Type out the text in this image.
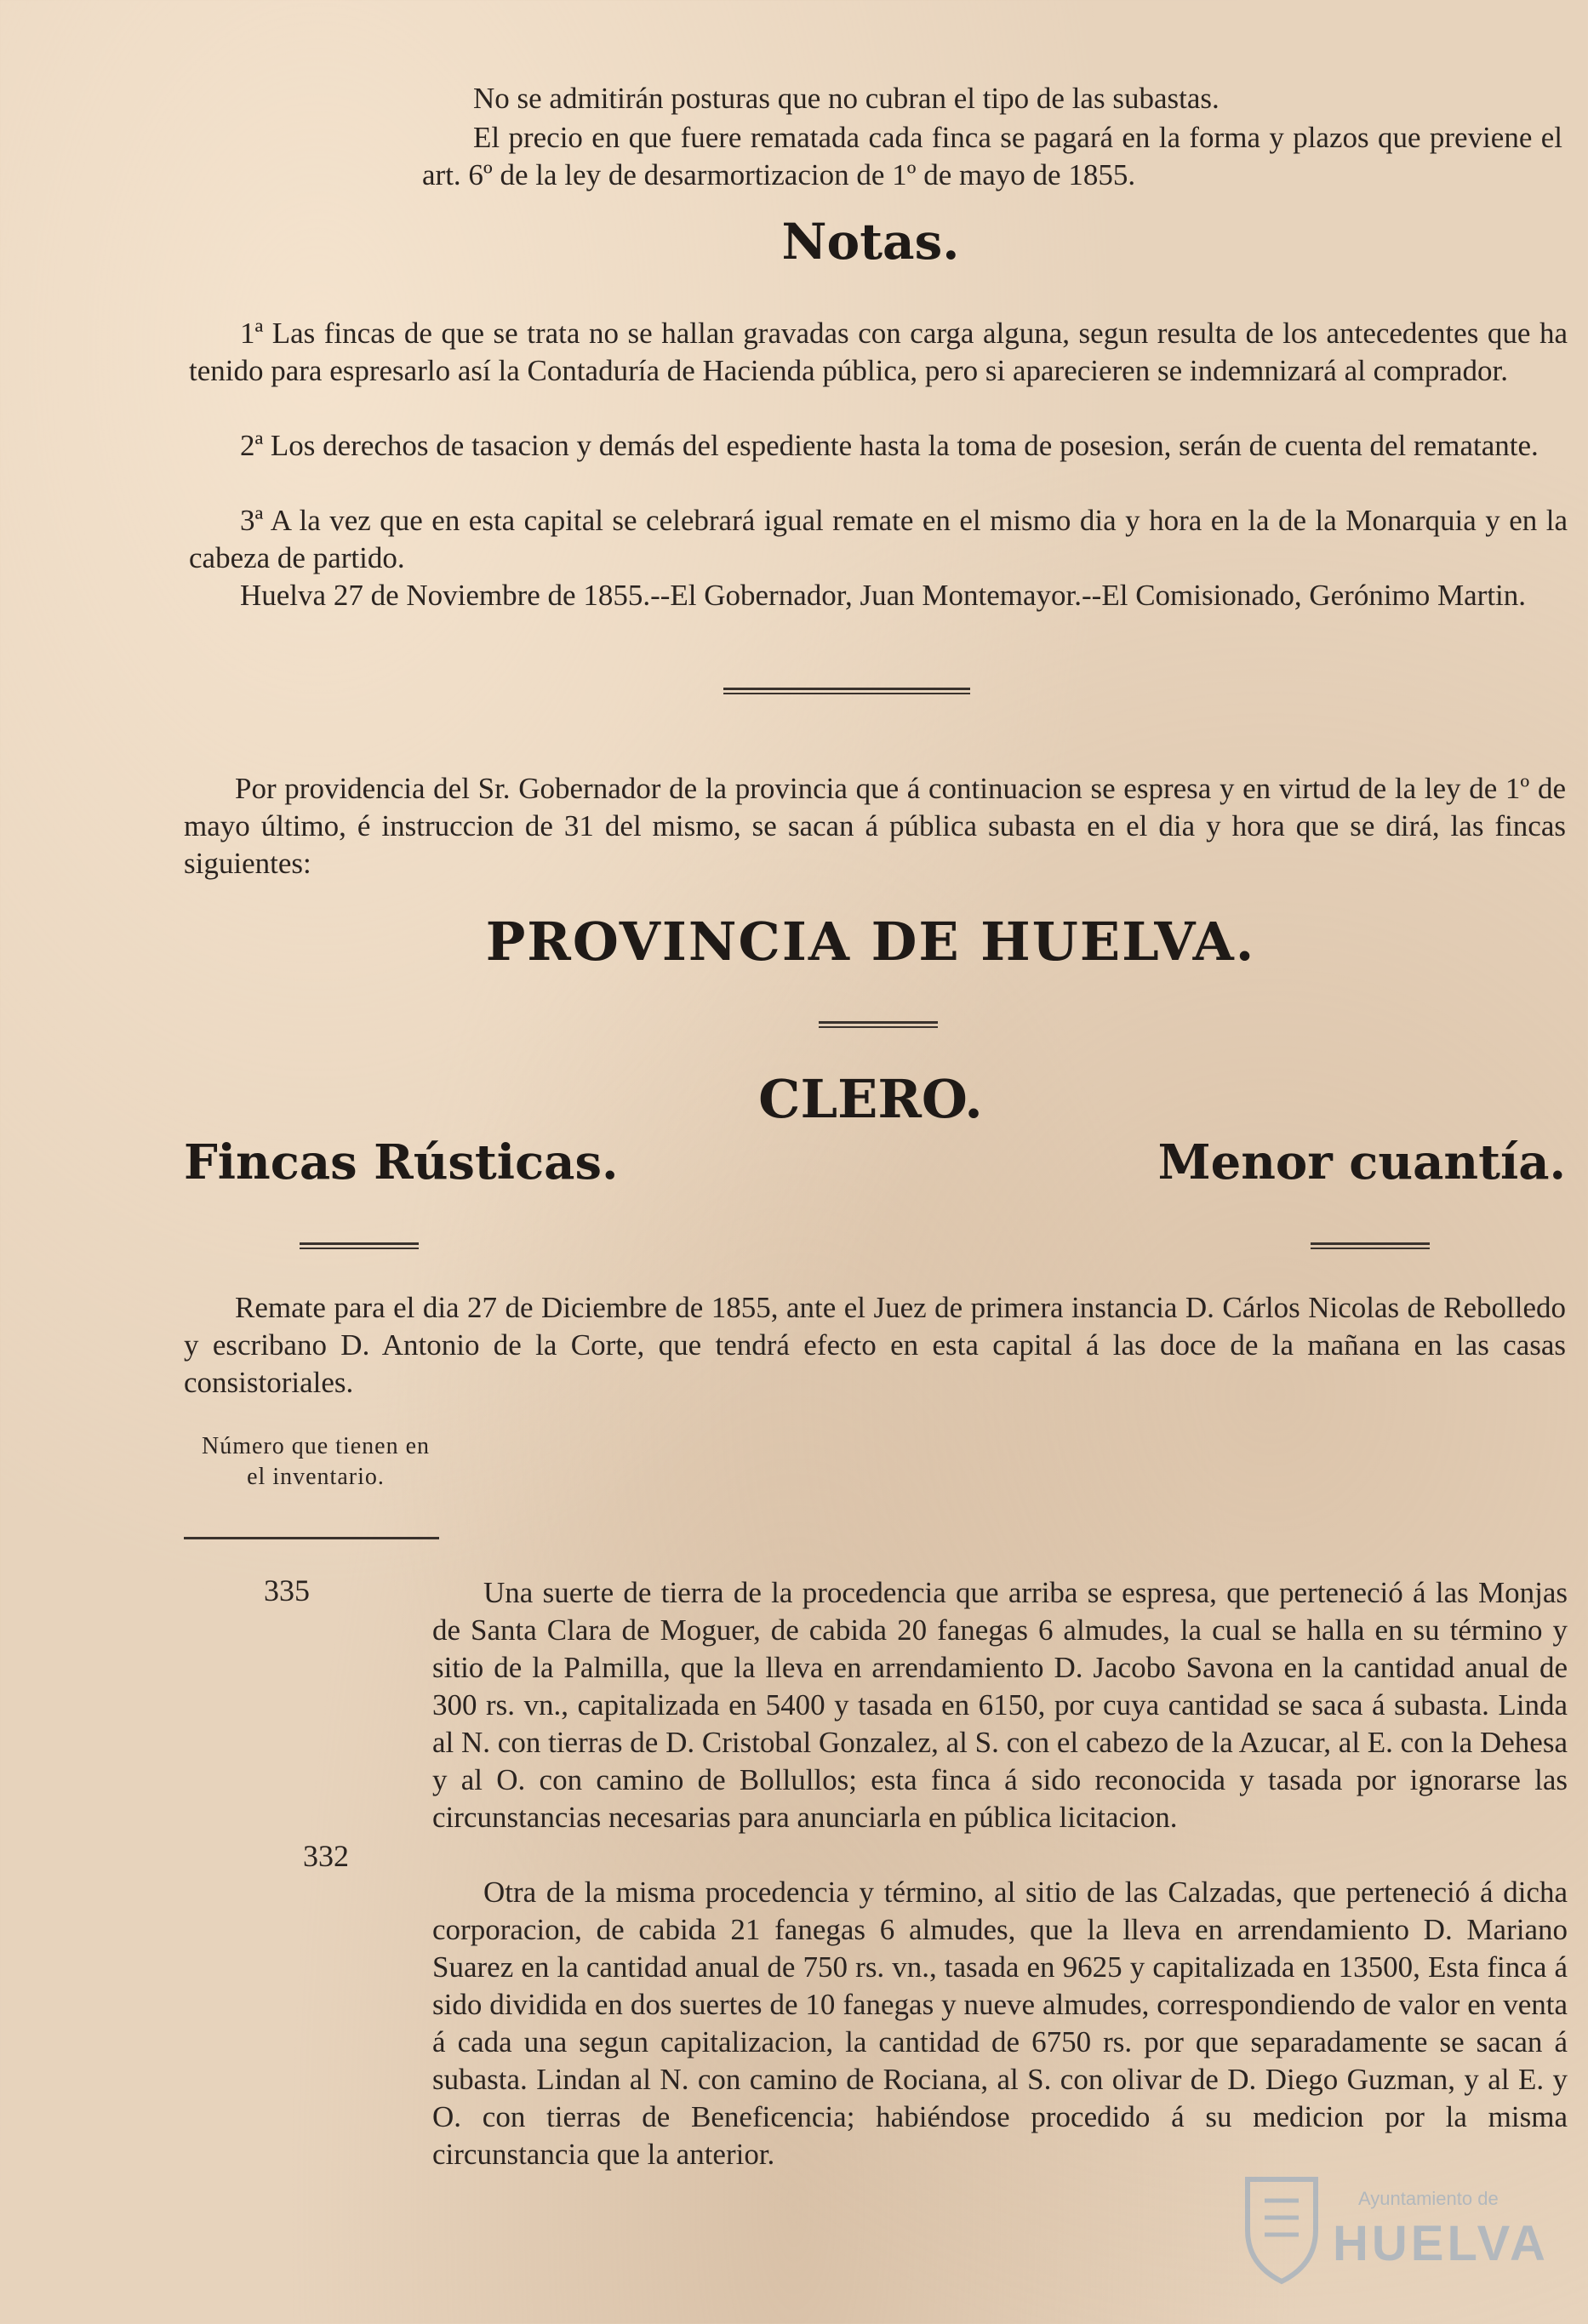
No se admitirán posturas que no cubran el tipo de las subastas.

El precio en que fuere rematada cada finca se pagará en la forma y plazos que previene el art. 6º de la ley de desarmortizacion de 1º de mayo de 1855.

Notas.

1ª Las fincas de que se trata no se hallan gravadas con carga alguna, segun resulta de los antecedentes que ha tenido para espresarlo así la Contaduría de Hacienda pública, pero si aparecieren se indemnizará al comprador.

2ª Los derechos de tasacion y demás del espediente hasta la toma de posesion, serán de cuenta del rematante.

3ª A la vez que en esta capital se celebrará igual remate en el mismo dia y hora en la de la Monarquia y en la cabeza de partido.

Huelva 27 de Noviembre de 1855.--El Gobernador, Juan Montemayor.--El Comisionado, Gerónimo Martin.

Por providencia del Sr. Gobernador de la provincia que á continuacion se espresa y en virtud de la ley de 1º de mayo último, é instruccion de 31 del mismo, se sacan á pública subasta en el dia y hora que se dirá, las fincas siguientes:

PROVINCIA DE HUELVA.
CLERO.
Fincas Rústicas.	Menor cuantía.

Remate para el dia 27 de Diciembre de 1855, ante el Juez de primera instancia D. Cárlos Nicolas de Rebolledo y escribano D. Antonio de la Corte, que tendrá efecto en esta capital á las doce de la mañana en las casas consistoriales.

Número que tienen en el inventario.
335	Una suerte de tierra de la procedencia que arriba se espresa, que perteneció á las Monjas de Santa Clara de Moguer, de cabida 20 fanegas 6 almudes, la cual se halla en su término y sitio de la Palmilla, que la lleva en arrendamiento D. Jacobo Savona en la cantidad anual de 300 rs. vn., capitalizada en 5400 y tasada en 6150, por cuya cantidad se saca á subasta. Linda al N. con tierras de D. Cristobal Gonzalez, al S. con el cabezo de la Azucar, al E. con la Dehesa y al O. con camino de Bollullos; esta finca á sido reconocida y tasada por ignorarse las circunstancias necesarias para anunciarla en pública licitacion.

332

Otra de la misma procedencia y término, al sitio de las Calzadas, que perteneció á dicha corporacion, de cabida 21 fanegas 6 almudes, que la lleva en arrendamiento D. Mariano Suarez en la cantidad anual de 750 rs. vn., tasada en 9625 y capitalizada en 13500, Esta finca á sido dividida en dos suertes de 10 fanegas y nueve almudes, correspondiendo de valor en venta á cada una segun capitalizacion, la cantidad de 6750 rs. por que separadamente se sacan á subasta. Lindan al N. con camino de Rociana, al S. con olivar de D. Diego Guzman, y al E. y O. con tierras de Beneficencia; habiéndose procedido á su medicion por la misma circunstancia que la anterior.

Ayuntamiento de
HUELVA
